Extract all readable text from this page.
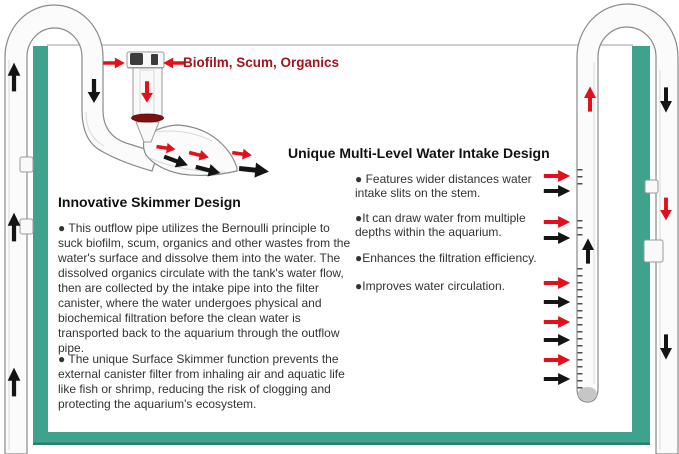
Biofilm, Scum, Organics
Innovative Skimmer Design
● This outflow pipe utilizes the Bernoulli principle to suck biofilm, scum, organics and other wastes from the water's surface and dissolve them into the water. The dissolved organics circulate with the tank's water flow, then are collected by the intake pipe into the filter canister, where the water undergoes physical and biochemical filtration before the clean water is transported back to the aquarium through the outflow pipe.
● The unique Surface Skimmer function prevents the external canister filter from inhaling air and aquatic life like fish or shrimp, reducing the risk of clogging and protecting the aquarium's ecosystem.
Unique Multi-Level Water Intake Design
● Features wider distances water intake slits on the stem.
●It can draw water from multiple depths within the aquarium.
●Enhances the filtration efficiency.
●Improves water circulation.
